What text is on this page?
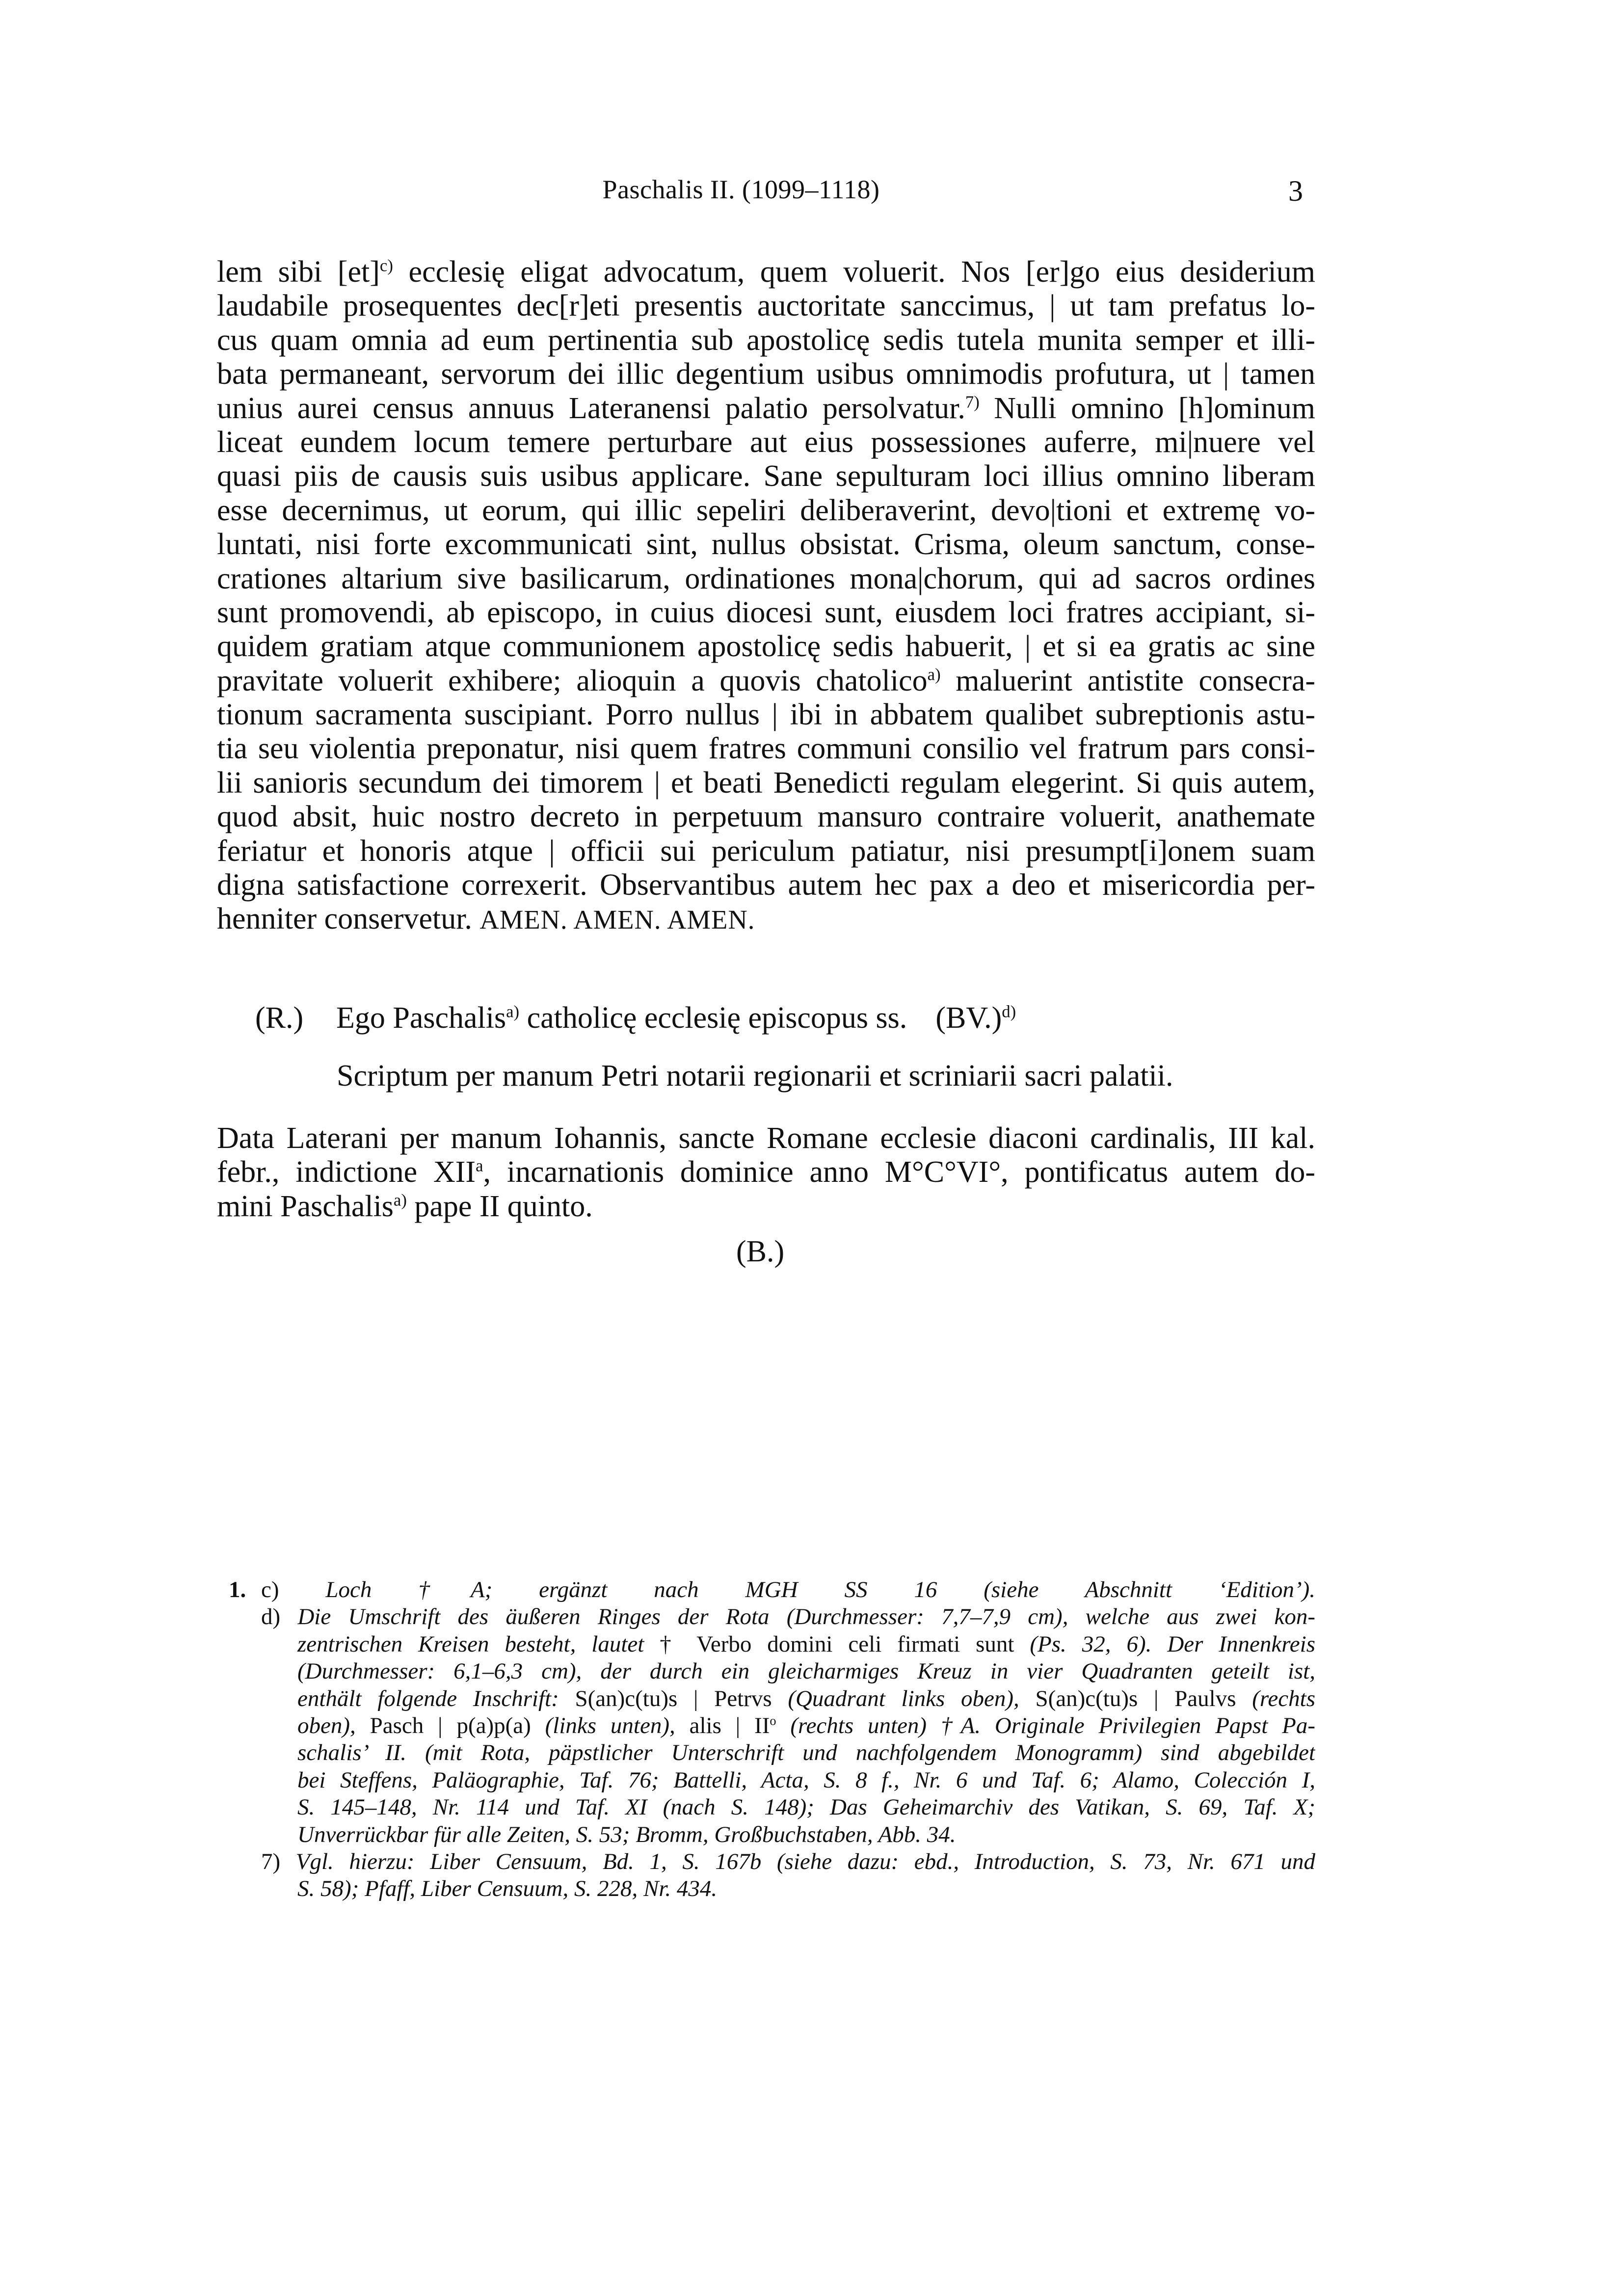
Paschalis II. (1099–1118)	3
lem sibi [et]$^{c)}$ ecclesię eligat advocatum, quem voluerit. Nos [er]go eius desiderium
laudabile prosequentes dec[r]eti presentis auctoritate sanccimus, | ut tam prefatus lo-
cus quam omnia ad eum pertinentia sub apostolicę sedis tutela munita semper et illi-
bata permaneant, servorum dei illic degentium usibus omnimodis profutura, ut | tamen
unius aurei census annuus Lateranensi palatio persolvatur.$^{7)}$ Nulli omnino [h]ominum
liceat eundem locum temere perturbare aut eius possessiones auferre, mi|nuere vel
quasi piis de causis suis usibus applicare. Sane sepulturam loci illius omnino liberam
esse decernimus, ut eorum, qui illic sepeliri deliberaverint, devo|tioni et extremę vo-
luntati, nisi forte excommunicati sint, nullus obsistat. Crisma, oleum sanctum, conse-
crationes altarium sive basilicarum, ordinationes mona|chorum, qui ad sacros ordines
sunt promovendi, ab episcopo, in cuius diocesi sunt, eiusdem loci fratres accipiant, si-
quidem gratiam atque communionem apostolicę sedis habuerit, | et si ea gratis ac sine
pravitate voluerit exhibere; alioquin a quovis chatolico$^{a)}$ maluerint antistite consecra-
tionum sacramenta suscipiant. Porro nullus | ibi in abbatem qualibet subreptionis astu-
tia seu violentia preponatur, nisi quem fratres communi consilio vel fratrum pars consi-
lii sanioris secundum dei timorem | et beati Benedicti regulam elegerint. Si quis autem,
quod absit, huic nostro decreto in perpetuum mansuro contraire voluerit, anathemate
feriatur et honoris atque | officii sui periculum patiatur, nisi presumpt[i]onem suam
digna satisfactione correxerit. Observantibus autem hec pax a deo et misericordia per-
henniter conservetur. AMEN. AMEN. AMEN.
(R.)	Ego Paschalis$^{a)}$ catholicę ecclesię episcopus ss. $(BV.)^{d)}$
Scriptum per manum Petri notarii regionarii et scriniarii sacri palatii.
Data Laterani per manum Iohannis, sancte Romane ecclesie diaconi cardinalis, III kal.
febr., indictione XII$^a$, incarnationis dominice anno M°C°VI°, pontificatus autem do-
mini Paschalis$^{a)}$ pape II quinto.
(B.)
1. c) Loch †A; ergänzt nach MGH SS 16 (siehe Abschnitt ‘Edition’).
d) Die Umschrift des äußeren Ringes der Rota (Durchmesser: 7,7–7,9 cm), welche aus zwei kon-
zentrischen Kreisen besteht, lautet † Verbo domini celi firmati sunt (Ps. 32, 6). Der Innenkreis
(Durchmesser: 6,1–6,3 cm), der durch ein gleicharmiges Kreuz in vier Quadranten geteilt ist,
enthält folgende Inschrift: S(an)c(tu)s | Petrvs (Quadrant links oben), S(an)c(tu)s | Paulvs (rechts
oben), Pasch | p(a)p(a) (links unten), alis | $II^o$ (rechts unten) †A. Originale Privilegien Papst Pa-
schalis’ II. (mit Rota, päpstlicher Unterschrift und nachfolgendem Monogramm) sind abgebildet
bei Steffens, Paläographie, Taf. 76; Battelli, Acta, S. 8 f., Nr. 6 und Taf. 6; Alamo, Colección I,
S. 145–148, Nr. 114 und Taf. XI (nach S. 148); Das Geheimarchiv des Vatikan, S. 69, Taf. X;
Unverrückbar für alle Zeiten, S. 53; Bromm, Großbuchstaben, Abb. 34.
7) Vgl. hierzu: Liber Censuum, Bd. 1, S. 167b (siehe dazu: ebd., Introduction, S. 73, Nr. 671 und
S. 58); Pfaff, Liber Censuum, S. 228, Nr. 434.
